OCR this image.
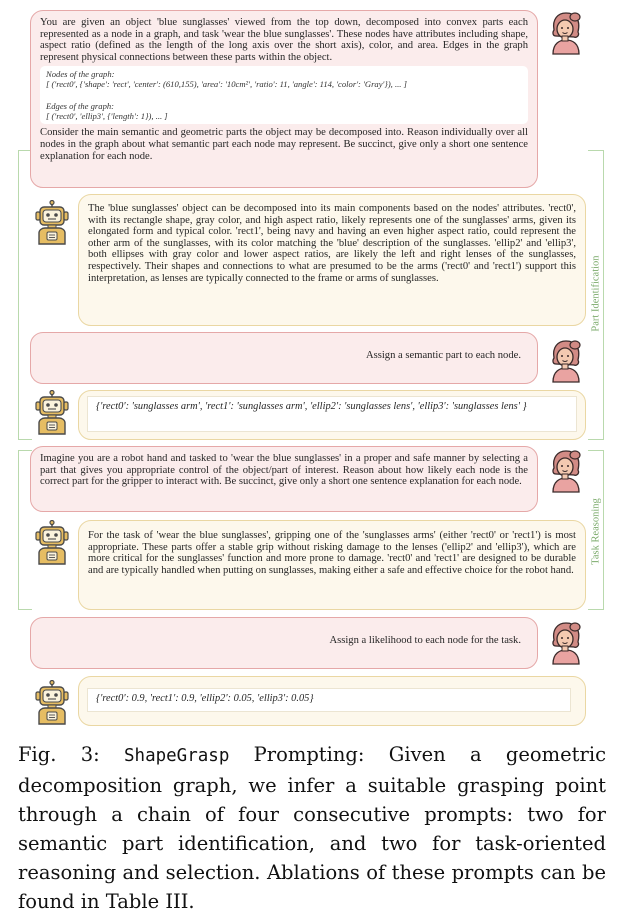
Part Identification
Task Reasoning

You are given an object 'blue sunglasses' viewed from the top down, decomposed into convex parts each represented as a node in a graph, and task 'wear the blue sunglasses'. These nodes have attributes including shape, aspect ratio (defined as the length of the long axis over the short axis), color, and area. Edges in the graph represent physical connections between these parts within the object.

Nodes of the graph:
[ ('rect0', {'shape': 'rect', 'center': (610,155), 'area': '10cm²', 'ratio': 11, 'angle': 114, 'color': 'Gray'}), ... ]
Edges of the graph:
[ ('rect0', 'ellip3', {'length': 1}), ... ]

Consider the main semantic and geometric parts the object may be decomposed into. Reason individually over all nodes in the graph about what semantic part each node may represent. Be succinct, give only a short one sentence explanation for each node.

The 'blue sunglasses' object can be decomposed into its main components based on the nodes' attributes. 'rect0', with its rectangle shape, gray color, and high aspect ratio, likely represents one of the sunglasses' arms, given its elongated form and typical color. 'rect1', being navy and having an even higher aspect ratio, could represent the other arm of the sunglasses, with its color matching the 'blue' description of the sunglasses. 'ellip2' and 'ellip3', both ellipses with gray color and lower aspect ratios, are likely the left and right lenses of the sunglasses, respectively. Their shapes and connections to what are presumed to be the arms ('rect0' and 'rect1') support this interpretation, as lenses are typically connected to the frame or arms of sunglasses.

Assign a semantic part to each node.

{'rect0': 'sunglasses arm', 'rect1': 'sunglasses arm', 'ellip2': 'sunglasses lens', 'ellip3': 'sunglasses lens' }

Imagine you are a robot hand and tasked to 'wear the blue sunglasses' in a proper and safe manner by selecting a part that gives you appropriate control of the object/part of interest. Reason about how likely each node is the correct part for the gripper to interact with. Be succinct, give only a short one sentence explanation for each node.

For the task of 'wear the blue sunglasses', gripping one of the 'sunglasses arms' (either 'rect0' or 'rect1') is most appropriate. These parts offer a stable grip without risking damage to the lenses ('ellip2' and 'ellip3'), which are more critical for the sunglasses' function and more prone to damage. 'rect0' and 'rect1' are designed to be durable and are typically handled when putting on sunglasses, making either a safe and effective choice for the robot hand.

Assign a likelihood to each node for the task.

{'rect0': 0.9, 'rect1': 0.9, 'ellip2': 0.05, 'ellip3': 0.05}
Fig. 3: ShapeGrasp Prompting: Given a geometric decomposition graph, we infer a suitable grasping point through a chain of four consecutive prompts: two for semantic part identification, and two for task-oriented reasoning and selection. Ablations of these prompts can be found in Table III.
